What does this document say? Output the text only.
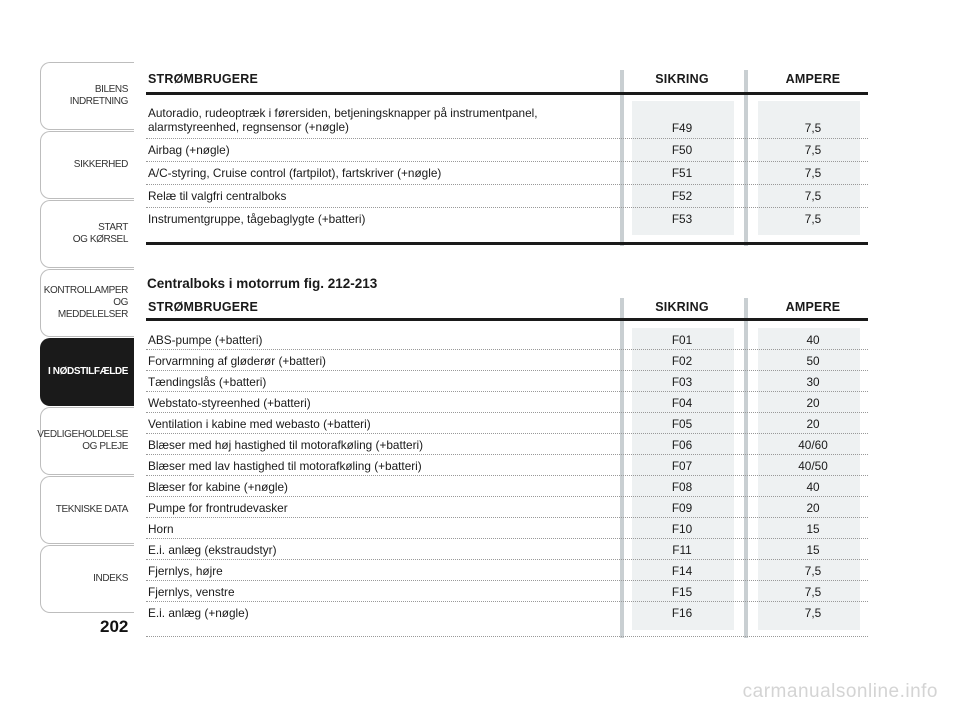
BILENS
INDRETNING
SIKKERHED
START
OG KØRSEL
KONTROLLAMPER
OG MEDDELELSER
I NØDSTILFÆLDE
VEDLIGEHOLDELSE
OG PLEJE
TEKNISKE DATA
INDEKS
202
STRØMBRUGERE	SIKRING	AMPERE
Autoradio, rudeoptræk i førersiden, betjeningsknapper på instrumentpanel,
alarmstyreenhed, regnsensor (+nøgle)	F49	7,5
Airbag (+nøgle)	F50	7,5
A/C-styring, Cruise control (fartpilot), fartskriver (+nøgle)	F51	7,5
Relæ til valgfri centralboks	F52	7,5
Instrumentgruppe, tågebaglygte (+batteri)	F53	7,5
Centralboks i motorrum fig. 212-213
STRØMBRUGERE	SIKRING	AMPERE
ABS-pumpe (+batteri)	F01	40
Forvarmning af gløderør (+batteri)	F02	50
Tændingslås (+batteri)	F03	30
Webstato-styreenhed (+batteri)	F04	20
Ventilation i kabine med webasto (+batteri)	F05	20
Blæser med høj hastighed til motorafkøling (+batteri)	F06	40/60
Blæser med lav hastighed til motorafkøling (+batteri)	F07	40/50
Blæser for kabine (+nøgle)	F08	40
Pumpe for frontrudevasker	F09	20
Horn	F10	15
E.i. anlæg (ekstraudstyr)	F11	15
Fjernlys, højre	F14	7,5
Fjernlys, venstre	F15	7,5
E.i. anlæg (+nøgle)	F16	7,5
carmanualsonline.info
